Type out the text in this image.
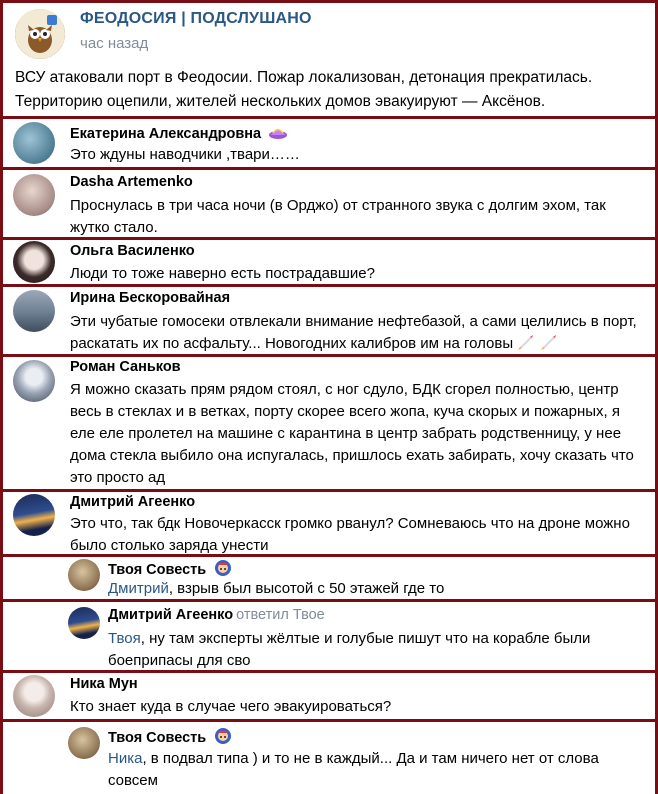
ФЕОДОСИЯ | ПОДСЛУШАНО
час назад
ВСУ атаковали порт в Феодосии. Пожар локализован, детонация прекратилась. Территорию оцепили, жителей нескольких домов эвакуируют — Аксёнов.
Екатерина Александровна
Это ждуны наводчики ,твари……
Dasha Artemenko
Проснулась в три часа ночи (в Орджо) от странного звука с долгим эхом, так жутко стало.
Ольга Василенко
Люди то тоже наверно есть пострадавшие?
Ирина Бескоровайная
Эти чубатые гомосеки отвлекали внимание нефтебазой, а сами целились в порт, раскатать их по асфальту... Новогодних калибров им на головы
Роман Саньков
Я можно сказать прям рядом стоял, с ног сдуло, БДК сгорел полностью, центр весь в стеклах и в ветках, порту скорее всего жопа, куча скорых и пожарных, я еле еле пролетел на машине с карантина в центр забрать родственницу, у нее дома стекла выбило она испугалась, пришлось ехать забирать, хочу сказать что это просто ад
Дмитрий Агеенко
Это что, так бдк Новочеркасск громко рванул? Сомневаюсь что на дроне можно было столько заряда унести
Твоя Совесть
Дмитрий, взрыв был высотой с 50 этажей где то
Дмитрий Агеенко ответил Твое
Твоя, ну там эксперты жёлтые и голубые пишут что на корабле были боеприпасы для сво
Ника Мун
Кто знает куда в случае чего эвакуироваться?
Твоя Совесть
Ника, в подвал типа ) и то не в каждый... Да и там ничего нет от слова совсем
